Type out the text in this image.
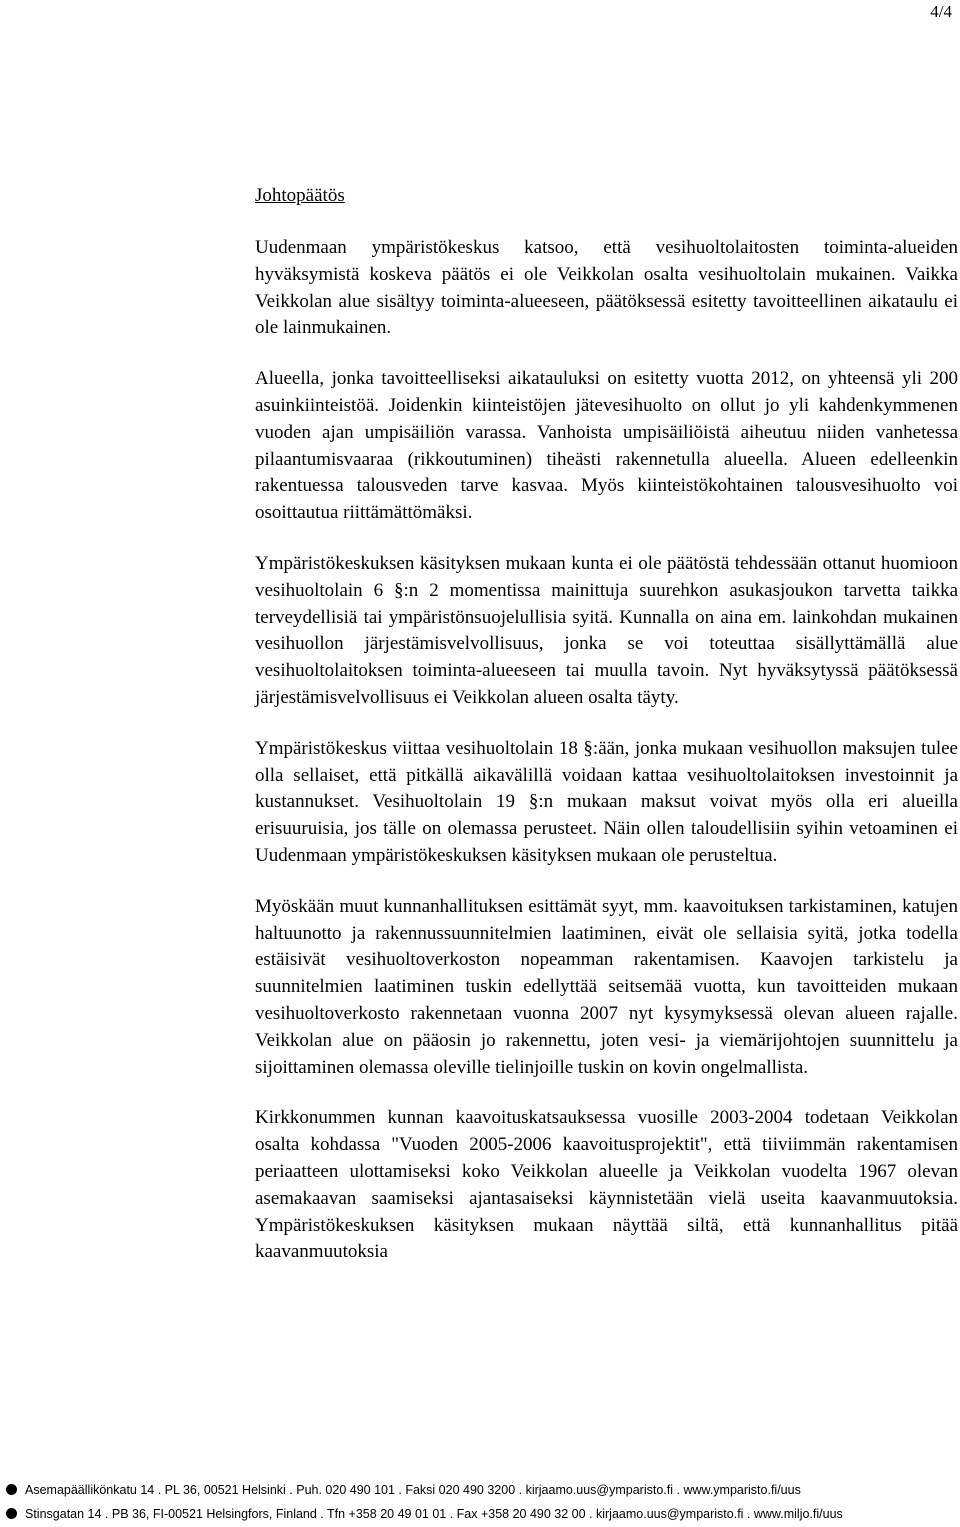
4/4
Johtopäätös

Uudenmaan ympäristökeskus katsoo, että vesihuoltolaitosten toiminta-alueiden hyväksymistä koskeva päätös ei ole Veikkolan osalta vesihuoltolain mukainen. Vaikka Veikkolan alue sisältyy toiminta-alueeseen, päätöksessä esitetty tavoitteellinen aikataulu ei ole lainmukainen.

Alueella, jonka tavoitteelliseksi aikatauluksi on esitetty vuotta 2012, on yhteensä yli 200 asuinkiinteistöä. Joidenkin kiinteistöjen jätevesihuolto on ollut jo yli kahdenkymmenen vuoden ajan umpisäiliön varassa. Vanhoista umpisäiliöistä aiheutuu niiden vanhetessa pilaantumisvaaraa (rikkoutuminen) tiheästi rakennetulla alueella. Alueen edelleenkin rakentuessa talousveden tarve kasvaa. Myös kiinteistökohtainen talousvesihuolto voi osoittautua riittämättömäksi.

Ympäristökeskuksen käsityksen mukaan kunta ei ole päätöstä tehdessään ottanut huomioon vesihuoltolain 6 §:n 2 momentissa mainittuja suurehkon asukasjoukon tarvetta taikka terveydellisiä tai ympäristönsuojelullisia syitä. Kunnalla on aina em. lainkohdan mukainen vesihuollon järjestämisvelvollisuus, jonka se voi toteuttaa sisällyttämällä alue vesihuoltolaitoksen toiminta-alueeseen tai muulla tavoin. Nyt hyväksytyssä päätöksessä järjestämisvelvollisuus ei Veikkolan alueen osalta täyty.

Ympäristökeskus viittaa vesihuoltolain 18 §:ään, jonka mukaan vesihuollon maksujen tulee olla sellaiset, että pitkällä aikavälillä voidaan kattaa vesihuoltolaitoksen investoinnit ja kustannukset. Vesihuoltolain 19 §:n mukaan maksut voivat myös olla eri alueilla erisuuruisia, jos tälle on olemassa perusteet. Näin ollen taloudellisiin syihin vetoaminen ei Uudenmaan ympäristökeskuksen käsityksen mukaan ole perusteltua.

Myöskään muut kunnanhallituksen esittämät syyt, mm. kaavoituksen tarkistaminen, katujen haltuunotto ja rakennussuunnitelmien laatiminen, eivät ole sellaisia syitä, jotka todella estäisivät vesihuoltoverkoston nopeamman rakentamisen. Kaavojen tarkistelu ja suunnitelmien laatiminen tuskin edellyttää seitsemää vuotta, kun tavoitteiden mukaan vesihuoltoverkosto rakennetaan vuonna 2007 nyt kysymyksessä olevan alueen rajalle. Veikkolan alue on pääosin jo rakennettu, joten vesi- ja viemärijohtojen suunnittelu ja sijoittaminen olemassa oleville tielinjoille tuskin on kovin ongelmallista.

Kirkkonummen kunnan kaavoituskatsauksessa vuosille 2003-2004 todetaan Veikkolan osalta kohdassa "Vuoden 2005-2006 kaavoitusprojektit", että tiiviimmän rakentamisen periaatteen ulottamiseksi koko Veikkolan alueelle ja Veikkolan vuodelta 1967 olevan asemakaavan saamiseksi ajantasaiseksi käynnistetään vielä useita kaavanmuutoksia. Ympäristökeskuksen käsityksen mukaan näyttää siltä, että kunnanhallitus pitää kaavanmuutoksia

Asemapäällikönkatu 14 . PL 36, 00521 Helsinki . Puh. 020 490 101 . Faksi 020 490 3200 . kirjaamo.uus@ymparisto.fi . www.ymparisto.fi/uus
Stinsgatan 14 . PB 36, FI-00521 Helsingfors, Finland . Tfn +358 20 49 01 01 . Fax +358 20 490 32 00 . kirjaamo.uus@ymparisto.fi . www.miljo.fi/uus
